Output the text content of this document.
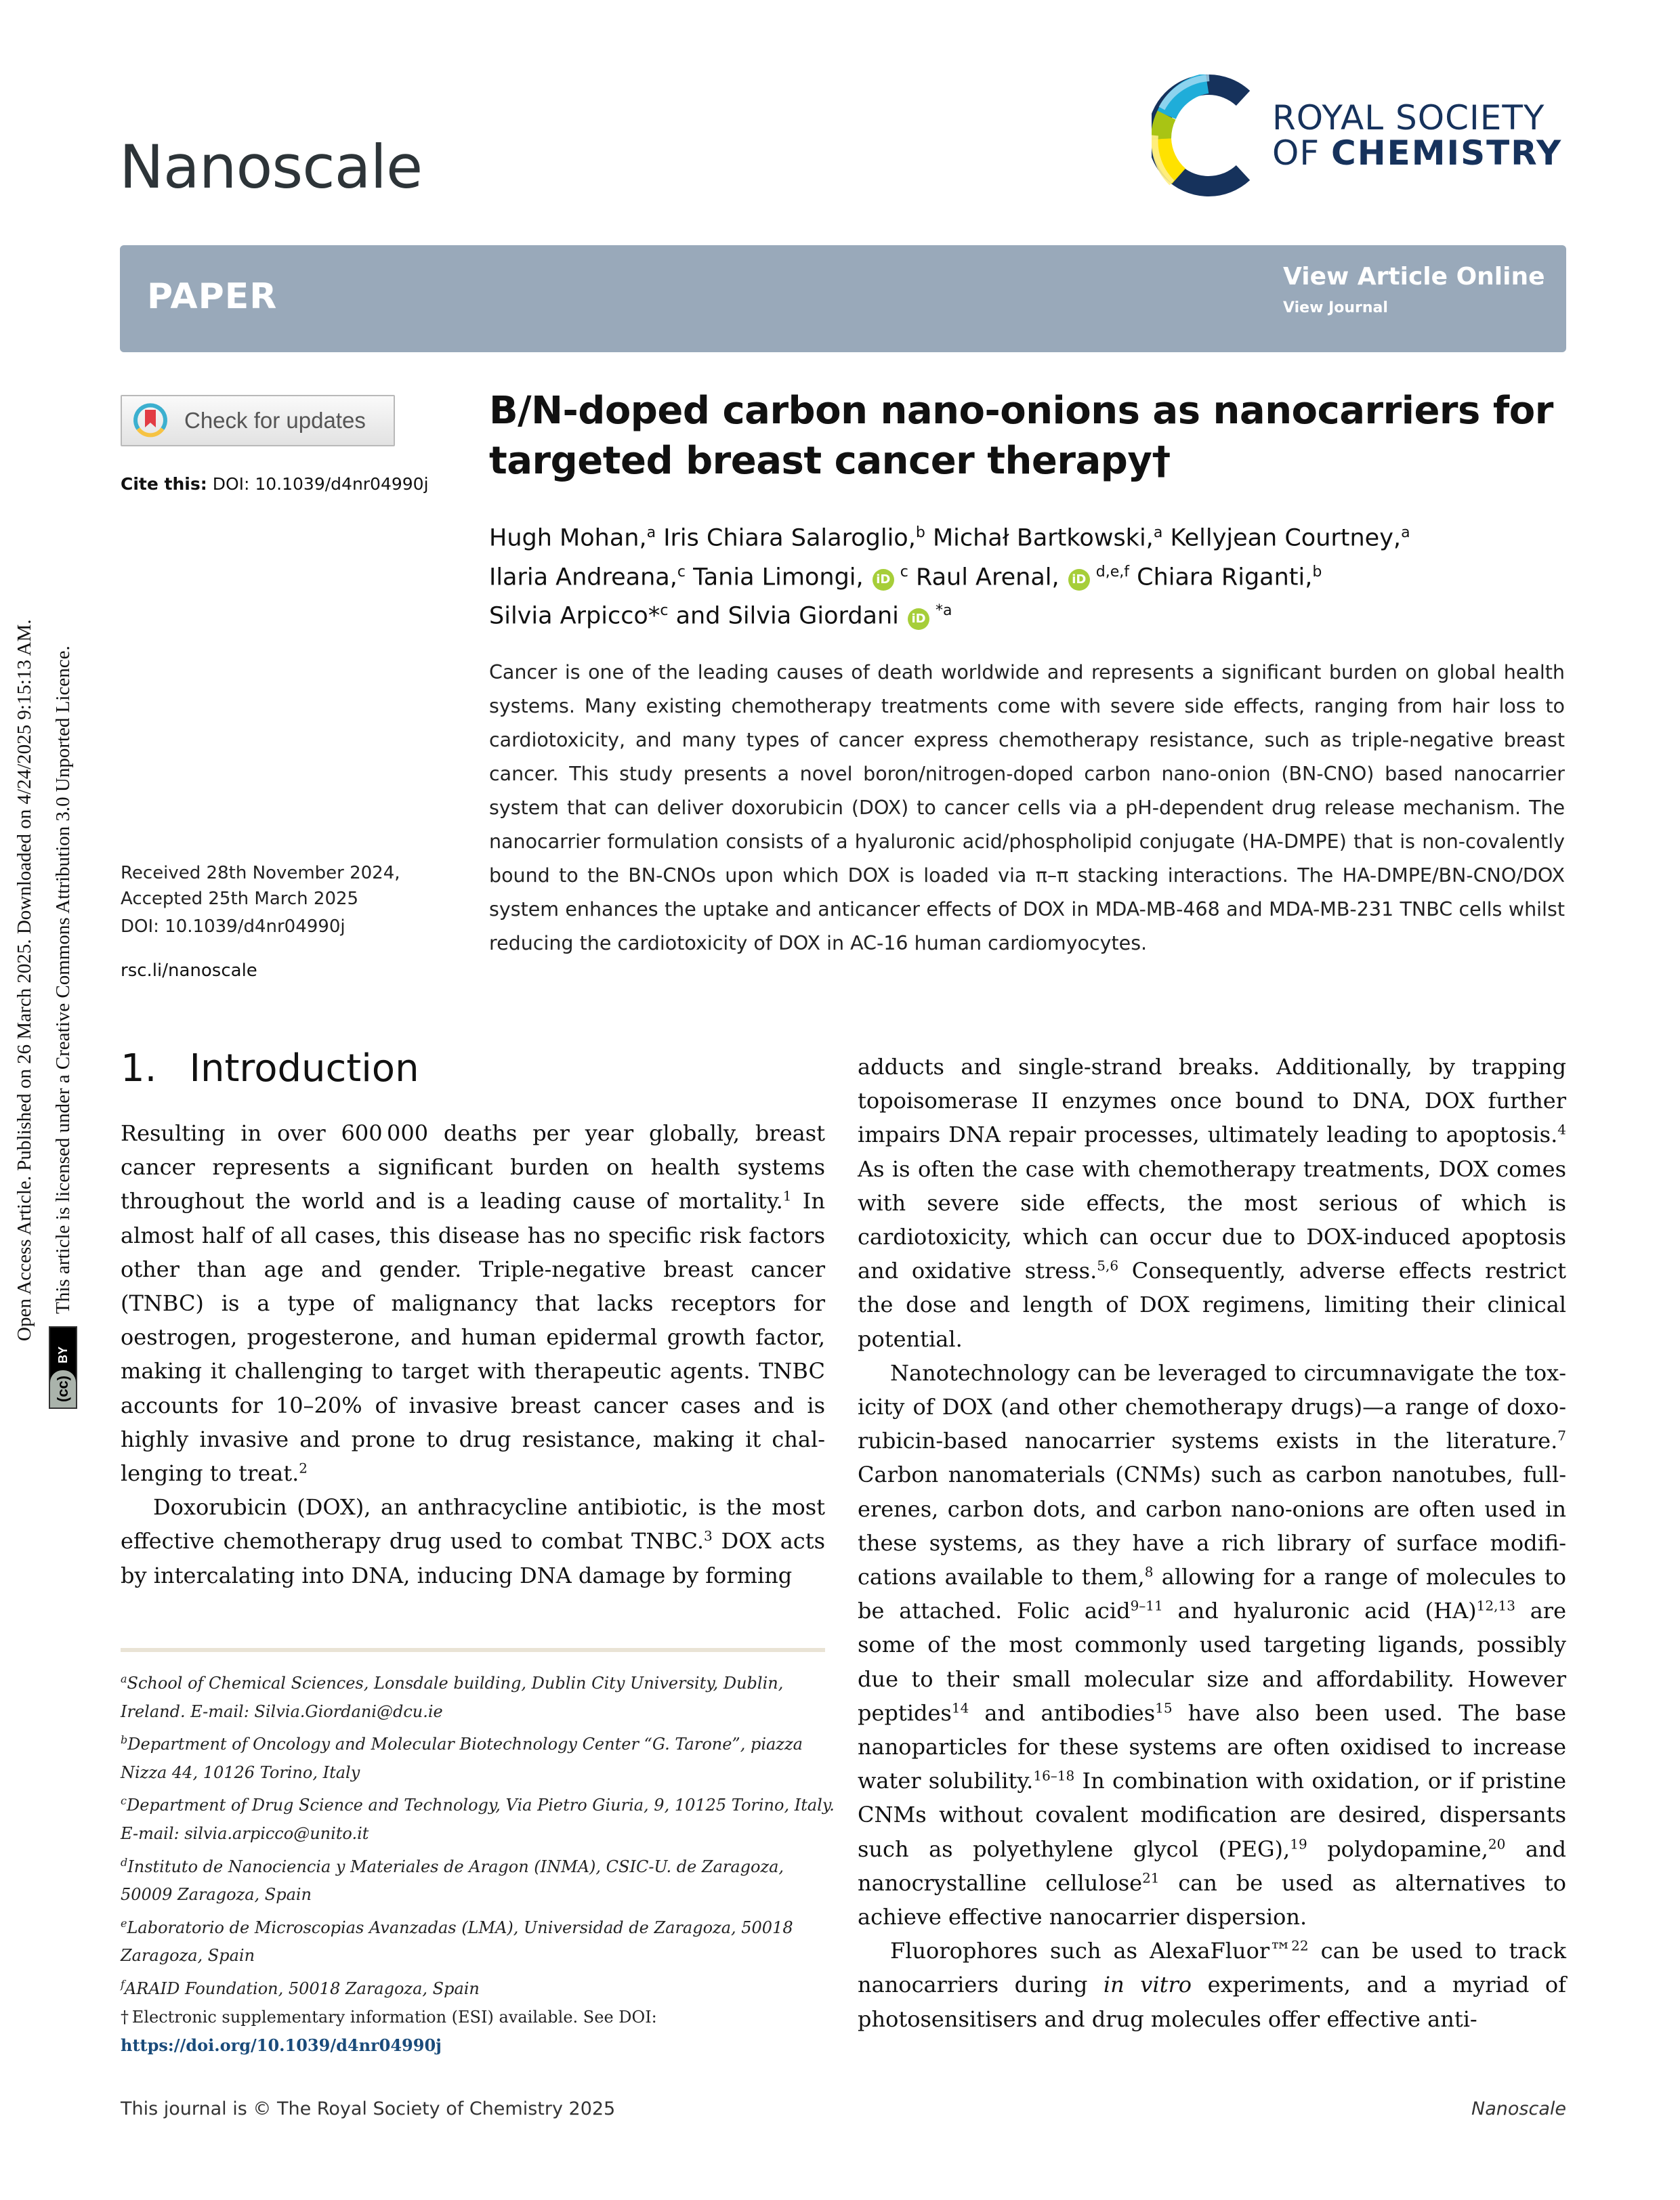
Open Access Article. Published on 26 March 2025. Downloaded on 4/24/2025 9:15:13 AM.
(cc)
BY
This article is licensed under a Creative Commons Attribution 3.0 Unported Licence.
Nanoscale
ROYAL SOCIETY
OF CHEMISTRY
PAPER	View Article Online
View Journal
Check for updates
Cite this: DOI: 10.1039/d4nr04990j
Received 28th November 2024,
Accepted 25th March 2025
DOI: 10.1039/d4nr04990j
rsc.li/nanoscale
B/N-doped carbon nano-onions as nanocarriers for targeted breast cancer therapy†
Hugh Mohan,$^a$ Iris Chiara Salaroglio,$^b$ Michał Bartkowski,$^a$ Kellyjean Courtney,$^a$
Ilaria Andreana,$^c$ Tania Limongi, iD $^c$ Raul Arenal, iD $^{d,e,f}$ Chiara Riganti,$^b$
Silvia Arpicco*$^c$ and Silvia Giordani iD $^{*a}$
Cancer is one of the leading causes of death worldwide and represents a significant burden on global health systems. Many existing chemotherapy treatments come with severe side effects, ranging from hair loss to cardiotoxicity, and many types of cancer express chemotherapy resistance, such as triple-negative breast cancer. This study presents a novel boron/nitrogen-doped carbon nano-onion (BN-CNO) based nanocarrier system that can deliver doxorubicin (DOX) to cancer cells via a pH-dependent drug release mechanism. The nanocarrier formulation consists of a hyaluronic acid/phospholipid conjugate (HA-DMPE) that is non-covalently bound to the BN-CNOs upon which DOX is loaded via π–π stacking interactions. The HA-DMPE/BN-CNO/DOX system enhances the uptake and anticancer effects of DOX in MDA-MB-468 and MDA-MB-231 TNBC cells whilst reducing the cardiotoxicity of DOX in AC-16 human cardiomyocytes.
1. Introduction

Resulting in over 600 000 deaths per year globally, breast cancer represents a significant burden on health systems throughout the world and is a leading cause of mortality.$^1$ In almost half of all cases, this disease has no specific risk factors other than age and gender. Triple-negative breast cancer (TNBC) is a type of malignancy that lacks receptors for oestrogen, progesterone, and human epidermal growth factor, making it challenging to target with therapeutic agents. TNBC accounts for 10–20% of invasive breast cancer cases and is highly invasive and prone to drug resistance, making it challenging to treat.$^2$

Doxorubicin (DOX), an anthracycline antibiotic, is the most effective chemotherapy drug used to combat TNBC.$^3$ DOX acts by intercalating into DNA, inducing DNA damage by forming

adducts and single-strand breaks. Additionally, by trapping topoisomerase II enzymes once bound to DNA, DOX further impairs DNA repair processes, ultimately leading to apoptosis.$^4$ As is often the case with chemotherapy treatments, DOX comes with severe side effects, the most serious of which is cardiotoxicity, which can occur due to DOX-induced apoptosis and oxidative stress.$^{5,6}$ Consequently, adverse effects restrict the dose and length of DOX regimens, limiting their clinical potential.

Nanotechnology can be leveraged to circumnavigate the toxicity of DOX (and other chemotherapy drugs)—a range of doxorubicin-based nanocarrier systems exists in the literature.$^7$ Carbon nanomaterials (CNMs) such as carbon nanotubes, fullerenes, carbon dots, and carbon nano-onions are often used in these systems, as they have a rich library of surface modifications available to them,$^8$ allowing for a range of molecules to be attached. Folic acid$^{9-11}$ and hyaluronic acid (HA)$^{12,13}$ are some of the most commonly used targeting ligands, possibly due to their small molecular size and affordability. However peptides$^{14}$ and antibodies$^{15}$ have also been used. The base nanoparticles for these systems are often oxidised to increase water solubility.$^{16-18}$ In combination with oxidation, or if pristine CNMs without covalent modification are desired, dispersants such as polyethylene glycol (PEG),$^{19}$ polydopamine,$^{20}$ and nanocrystalline cellulose$^{21}$ can be used as alternatives to achieve effective nanocarrier dispersion.

Fluorophores such as AlexaFluor™$^{22}$ can be used to track nanocarriers during in vitro experiments, and a myriad of photosensitisers and drug molecules offer effective anti-

$^a$School of Chemical Sciences, Lonsdale building, Dublin City University, Dublin, Ireland. E-mail: Silvia.Giordani@dcu.ie

$^b$Department of Oncology and Molecular Biotechnology Center “G. Tarone”, piazza Nizza 44, 10126 Torino, Italy

$^c$Department of Drug Science and Technology, Via Pietro Giuria, 9, 10125 Torino, Italy. E-mail: silvia.arpicco@unito.it

$^d$Instituto de Nanociencia y Materiales de Aragon (INMA), CSIC-U. de Zaragoza, 50009 Zaragoza, Spain

$^e$Laboratorio de Microscopias Avanzadas (LMA), Universidad de Zaragoza, 50018 Zaragoza, Spain

$^f$ARAID Foundation, 50018 Zaragoza, Spain

† Electronic supplementary information (ESI) available. See DOI: https://doi.org/10.1039/d4nr04990j

This journal is © The Royal Society of Chemistry 2025	Nanoscale
